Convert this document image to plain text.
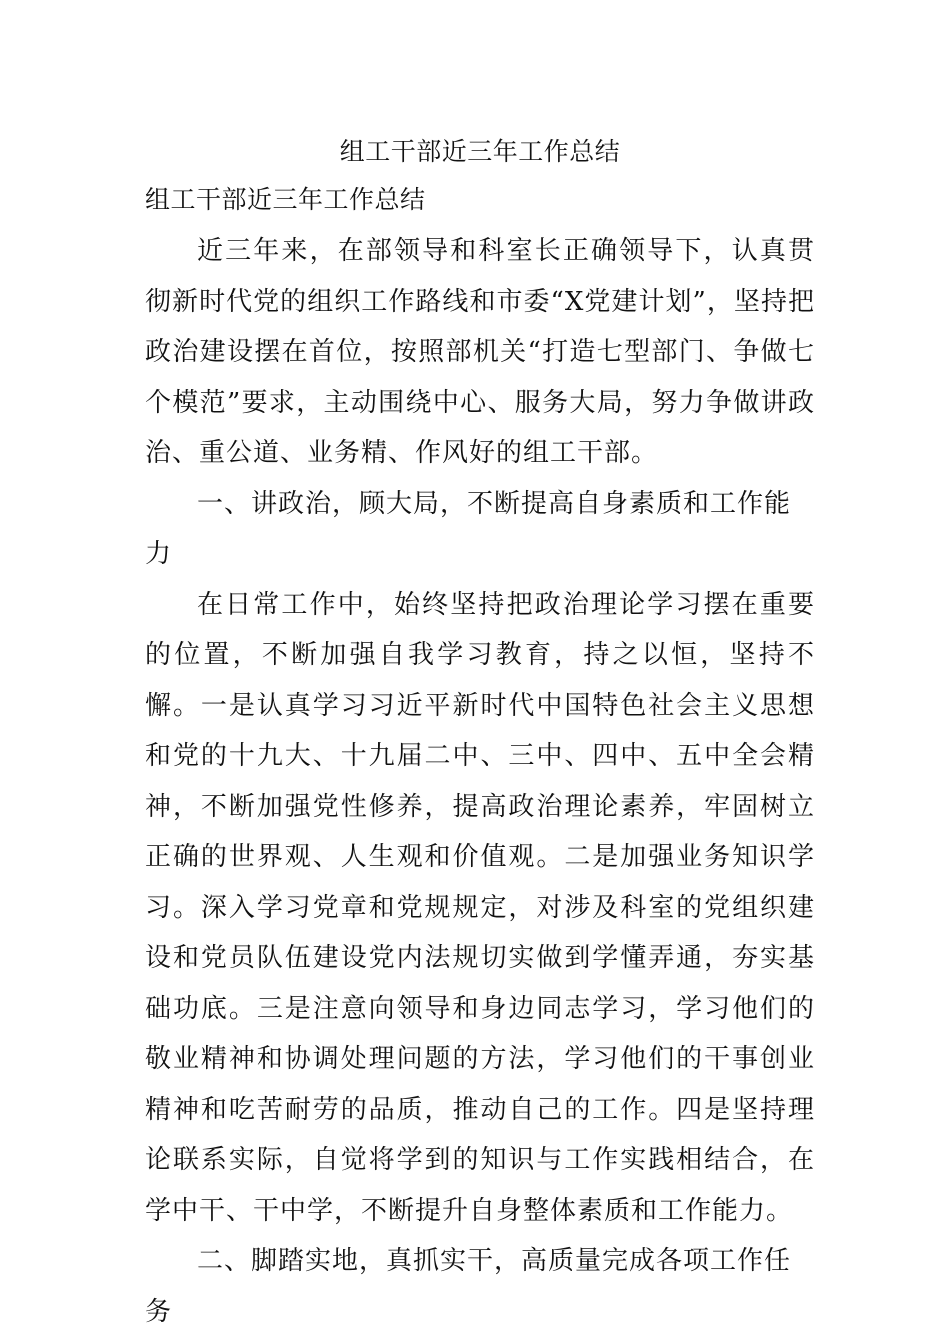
组工干部近三年工作总结
组工干部近三年工作总结

近三年来，在部领导和科室长正确领导下，认真贯彻新时代党的组织工作路线和市委“X党建计划”，坚持把政治建设摆在首位，按照部机关“打造七型部门、争做七个模范”要求，主动围绕中心、服务大局，努力争做讲政治、重公道、业务精、作风好的组工干部。

一、讲政治，顾大局，不断提高自身素质和工作能力

在日常工作中，始终坚持把政治理论学习摆在重要的位置，不断加强自我学习教育，持之以恒，坚持不懈。一是认真学习习近平新时代中国特色社会主义思想和党的十九大、十九届二中、三中、四中、五中全会精神，不断加强党性修养，提高政治理论素养，牢固树立正确的世界观、人生观和价值观。二是加强业务知识学习。深入学习党章和党规规定，对涉及科室的党组织建设和党员队伍建设党内法规切实做到学懂弄通，夯实基础功底。三是注意向领导和身边同志学习，学习他们的敬业精神和协调处理问题的方法，学习他们的干事创业精神和吃苦耐劳的品质，推动自己的工作。四是坚持理论联系实际，自觉将学到的知识与工作实践相结合，在学中干、干中学，不断提升自身整体素质和工作能力。

二、脚踏实地，真抓实干，高质量完成各项工作任务
